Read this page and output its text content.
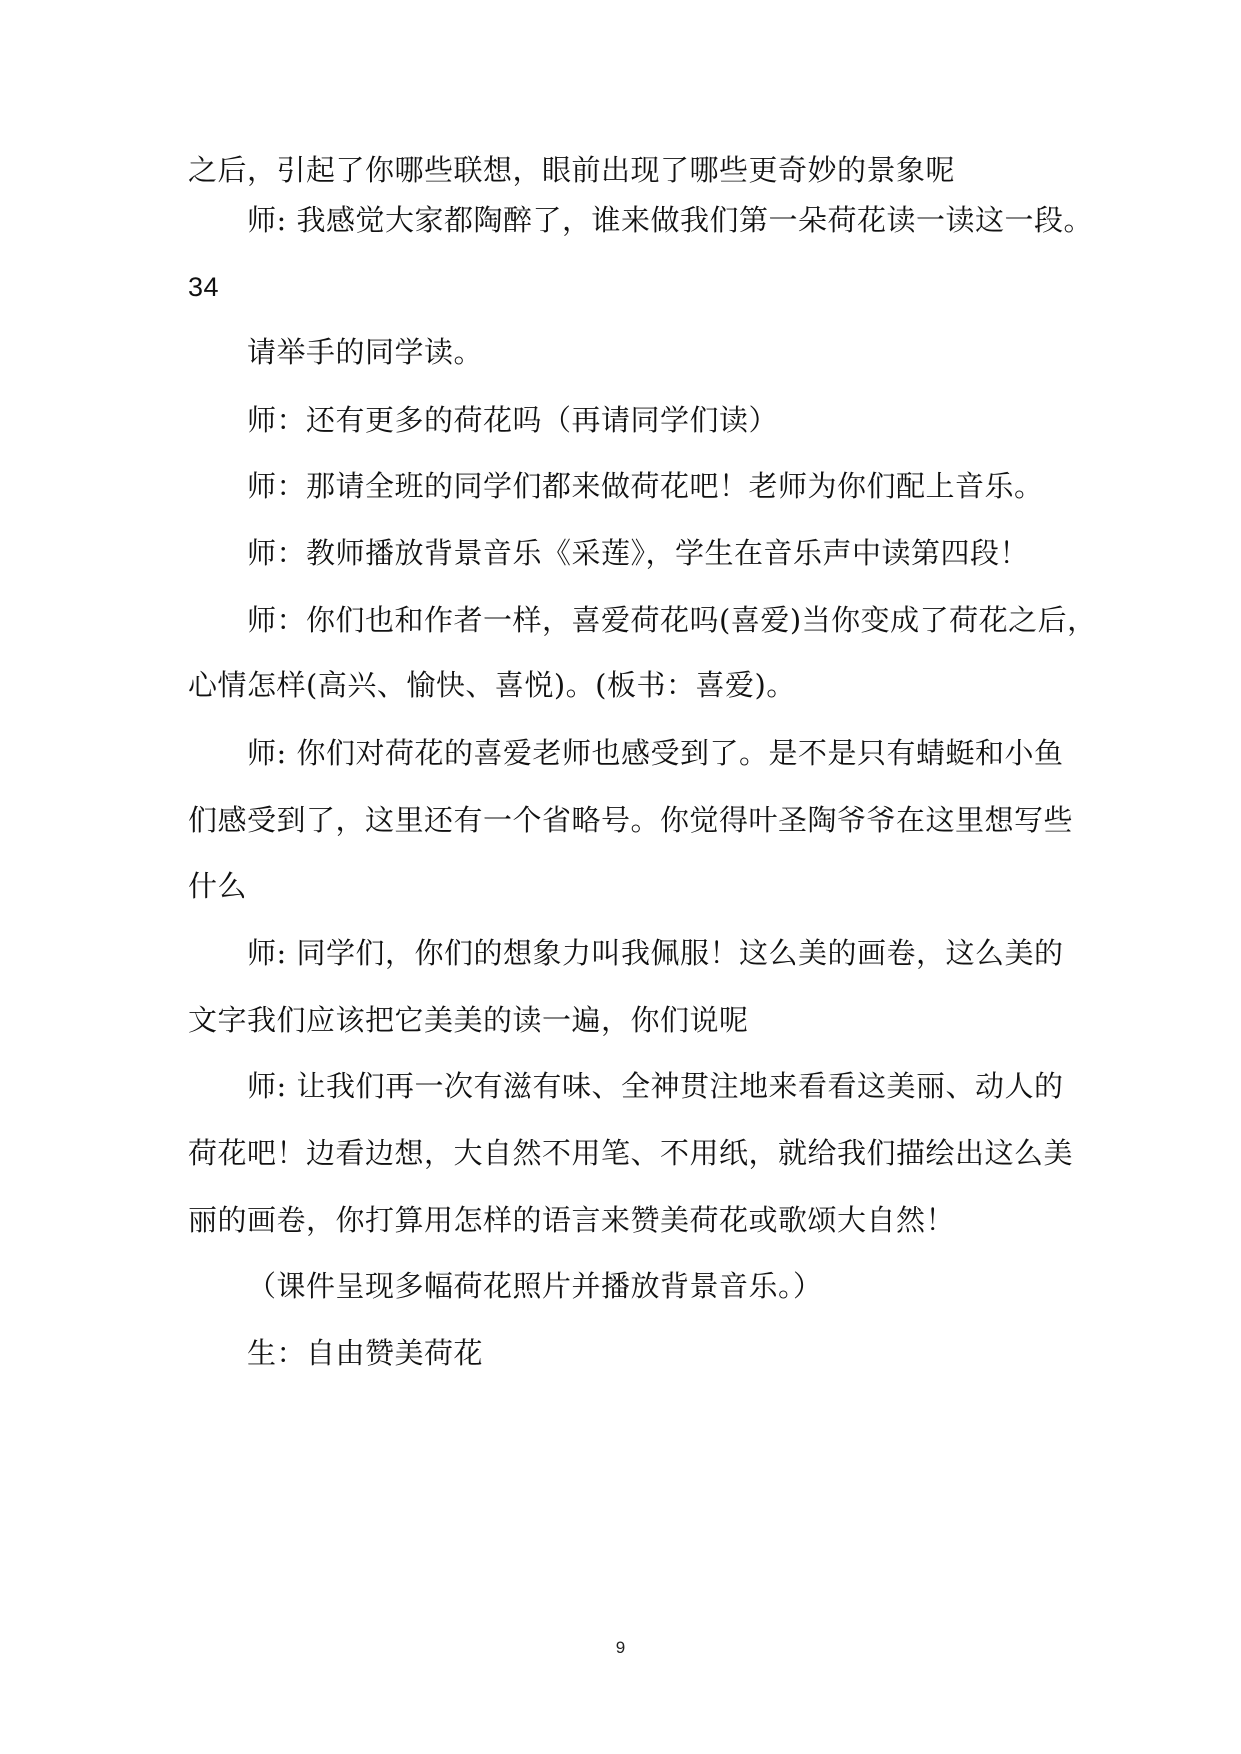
之后，引起了你哪些联想，眼前出现了哪些更奇妙的景象呢
师: 我感觉大家都陶醉了，谁来做我们第一朵荷花读一读这一段。
34
请举手的同学读。
师：还有更多的荷花吗（再请同学们读）
师：那请全班的同学们都来做荷花吧！老师为你们配上音乐。
师：教师播放背景音乐《采莲》，学生在音乐声中读第四段！
师：你们也和作者一样，喜爱荷花吗(喜爱)当你变成了荷花之后，
心情怎样(高兴、愉快、喜悦)。(板书：喜爱)。
师: 你们对荷花的喜爱老师也感受到了。是不是只有蜻蜓和小鱼
们感受到了，这里还有一个省略号。你觉得叶圣陶爷爷在这里想写些
什么
师: 同学们，你们的想象力叫我佩服！这么美的画卷，这么美的
文字我们应该把它美美的读一遍，你们说呢
师: 让我们再一次有滋有味、全神贯注地来看看这美丽、动人的
荷花吧！边看边想，大自然不用笔、不用纸，就给我们描绘出这么美
丽的画卷，你打算用怎样的语言来赞美荷花或歌颂大自然！
（课件呈现多幅荷花照片并播放背景音乐。）
生：自由赞美荷花
9
